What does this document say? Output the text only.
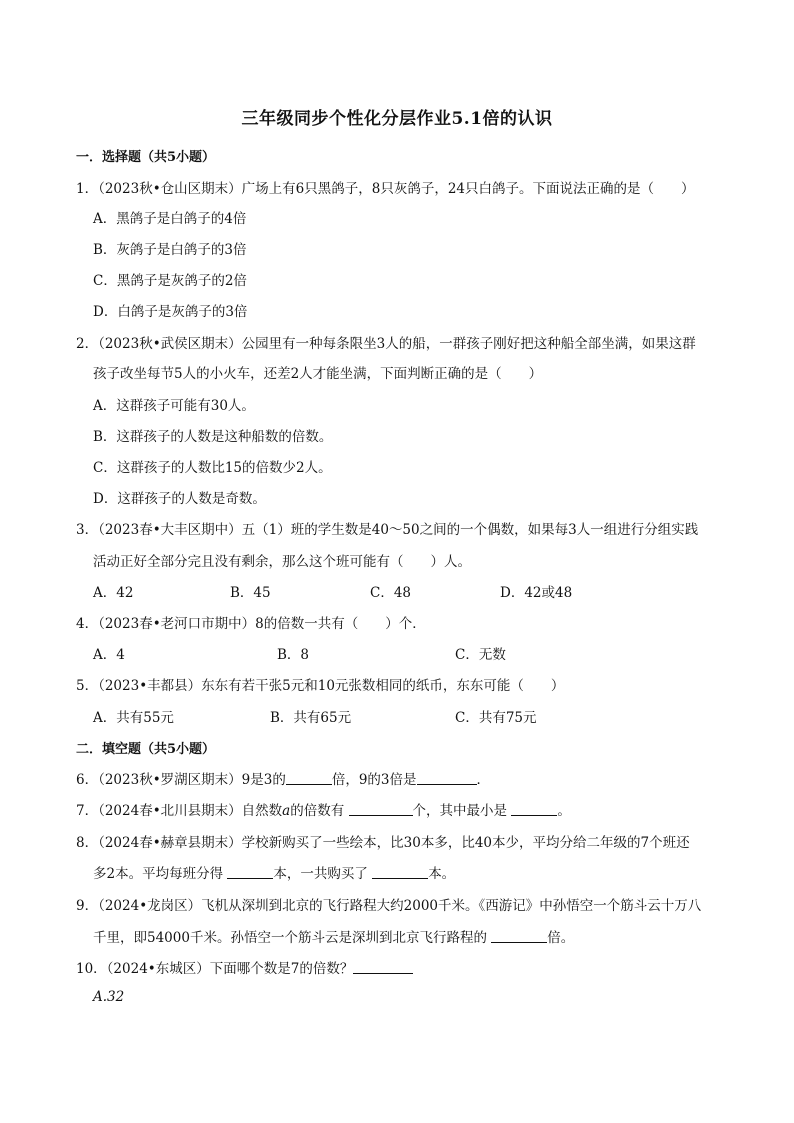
三年级同步个性化分层作业5.1倍的认识
一．选择题（共5小题）
1．（2023秋•仓山区期末）广场上有6只黑鸽子，8只灰鸽子，24只白鸽子。下面说法正确的是（　　）
A．黑鸽子是白鸽子的4倍
B．灰鸽子是白鸽子的3倍
C．黑鸽子是灰鸽子的2倍
D．白鸽子是灰鸽子的3倍
2．（2023秋•武侯区期末）公园里有一种每条限坐3人的船，一群孩子刚好把这种船全部坐满，如果这群
孩子改坐每节5人的小火车，还差2人才能坐满，下面判断正确的是（　　）
A．这群孩子可能有30人。
B．这群孩子的人数是这种船数的倍数。
C．这群孩子的人数比15的倍数少2人。
D．这群孩子的人数是奇数。
3．（2023春•大丰区期中）五（1）班的学生数是40～50之间的一个偶数，如果每3人一组进行分组实践
活动正好全部分完且没有剩余，那么这个班可能有（　　）人。
A．42	B．45	C．48	D．42或48
4．（2023春•老河口市期中）8的倍数一共有（　　）个．
A．4	B．8	C．无数
5．（2023•丰都县）东东有若干张5元和10元张数相同的纸币，东东可能（　　）
A．共有55元	B．共有65元	C．共有75元
二．填空题（共5小题）
6．（2023秋•罗湖区期末）9是3的	倍，9的3倍是	．
7．（2024春•北川县期末）自然数a的倍数有	个，其中最小是	。
8．（2024春•赫章县期末）学校新购买了一些绘本，比30本多，比40本少，平均分给二年级的7个班还
多2本。平均每班分得	本，一共购买了	本。
9．（2024•龙岗区）飞机从深圳到北京的飞行路程大约2000千米。《西游记》中孙悟空一个筋斗云十万八
千里，即54000千米。孙悟空一个筋斗云是深圳到北京飞行路程的	倍。
10．（2024•东城区）下面哪个数是7的倍数？
A.32
